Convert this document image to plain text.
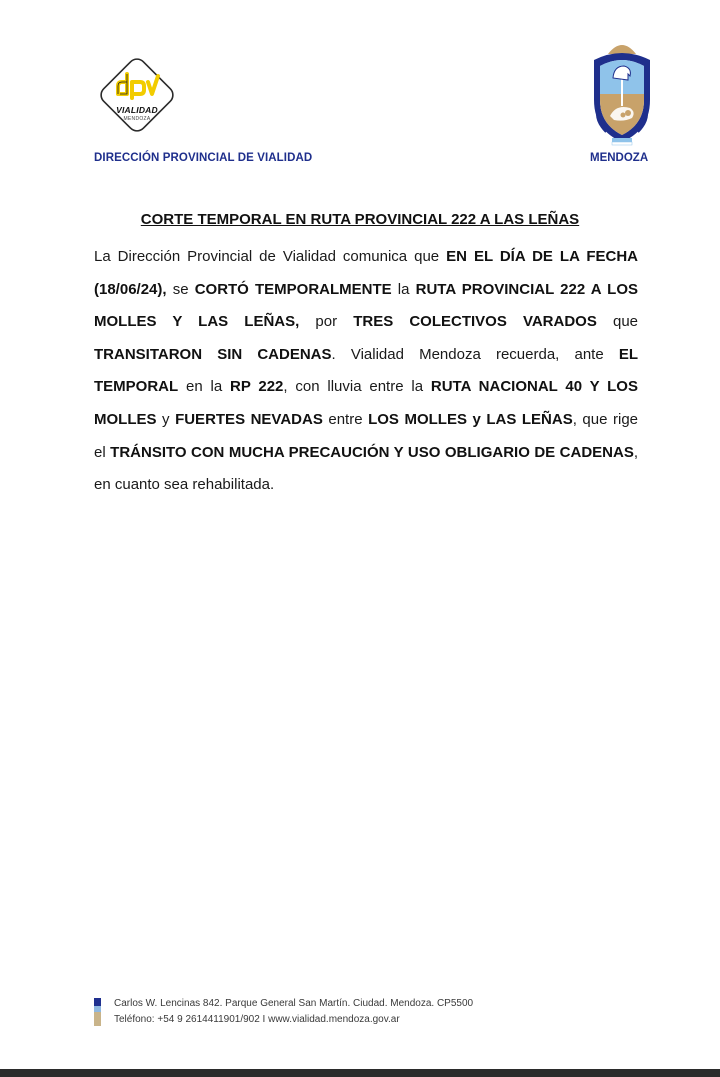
VIALIDAD
MENDOZA
DIRECCIÓN PROVINCIAL DE VIALIDAD	MENDOZA
CORTE TEMPORAL EN RUTA PROVINCIAL 222 A LAS LEÑAS
La Dirección Provincial de Vialidad comunica que EN EL DÍA DE LA FECHA (18/06/24), se CORTÓ TEMPORALMENTE la RUTA PROVINCIAL 222 A LOS MOLLES Y LAS LEÑAS, por TRES COLECTIVOS VARADOS que TRANSITARON SIN CADENAS. Vialidad Mendoza recuerda, ante EL TEMPORAL en la RP 222, con lluvia entre la RUTA NACIONAL 40 Y LOS MOLLES y FUERTES NEVADAS entre LOS MOLLES y LAS LEÑAS, que rige el TRÁNSITO CON MUCHA PRECAUCIÓN Y USO OBLIGARIO DE CADENAS, en cuanto sea rehabilitada.
Carlos W. Lencinas 842. Parque General San Martín. Ciudad. Mendoza. CP5500
Teléfono: +54 9 2614411901/902 I www.vialidad.mendoza.gov.ar
